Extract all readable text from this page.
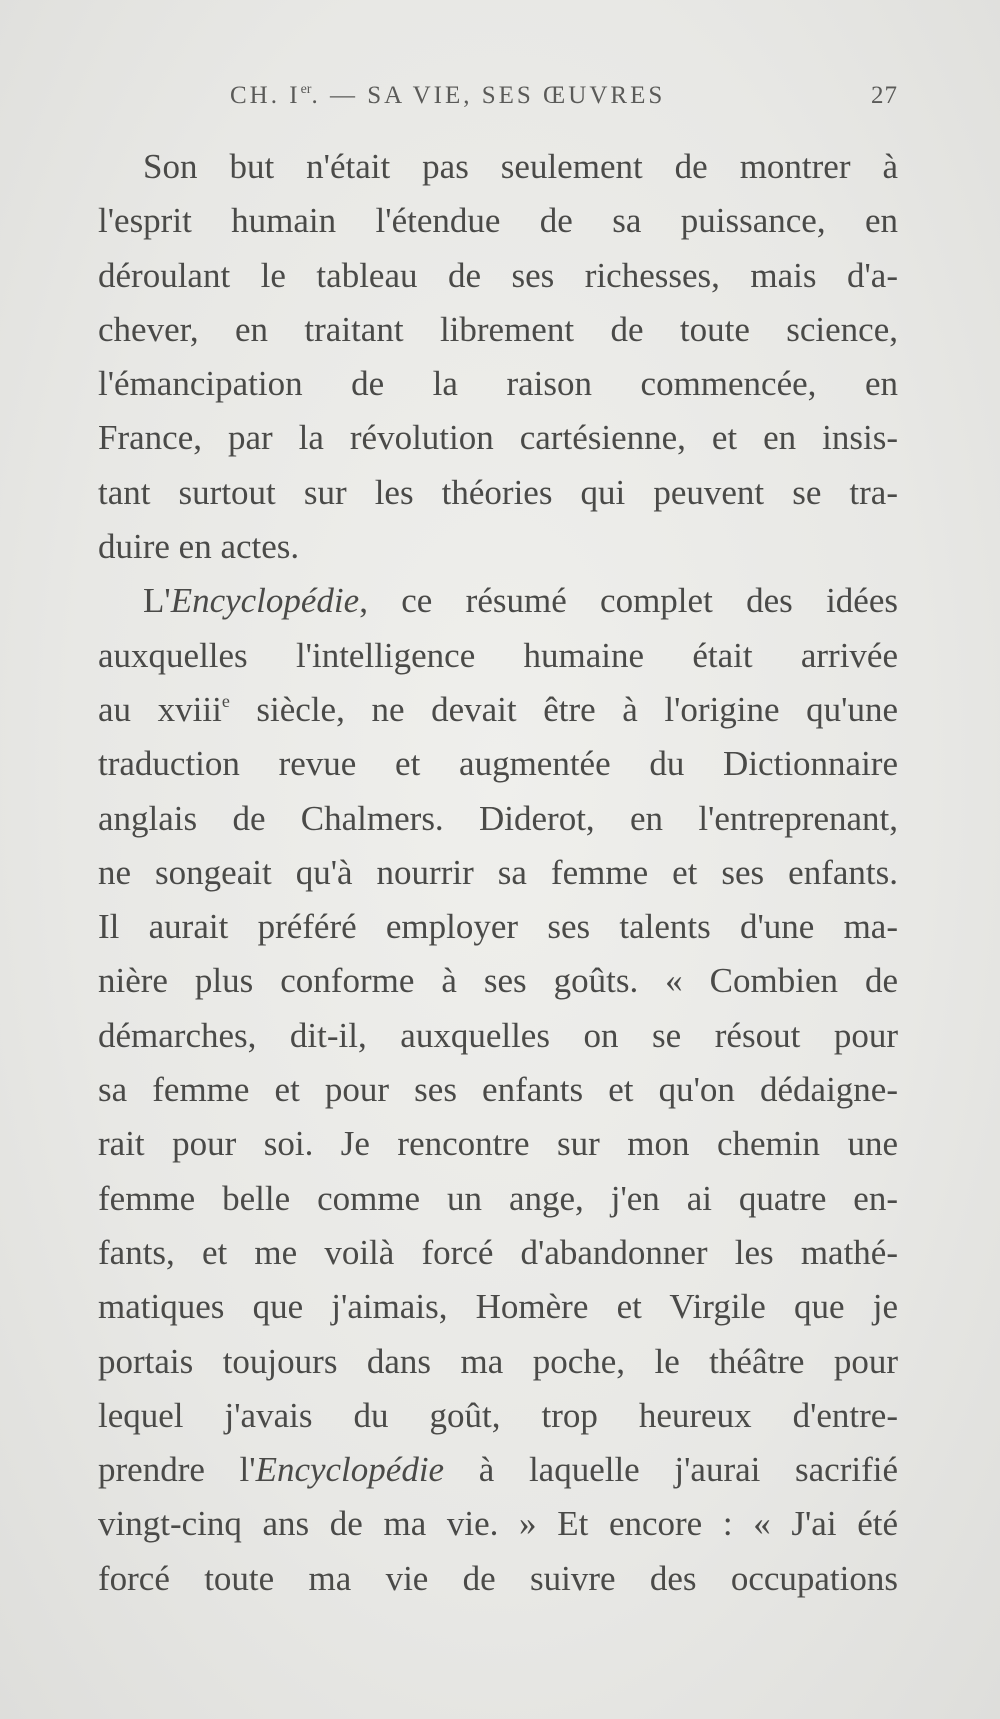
CH. Ier. — SA VIE, SES ŒUVRES	27
Son but n'était pas seulement de montrer à
l'esprit humain l'étendue de sa puissance, en
déroulant le tableau de ses richesses, mais d'a-
chever, en traitant librement de toute science,
l'émancipation de la raison commencée, en
France, par la révolution cartésienne, et en insis-
tant surtout sur les théories qui peuvent se tra-
duire en actes.
L'Encyclopédie, ce résumé complet des idées
auxquelles l'intelligence humaine était arrivée
au xviii$^e$ siècle, ne devait être à l'origine qu'une
traduction revue et augmentée du Dictionnaire
anglais de Chalmers. Diderot, en l'entreprenant,
ne songeait qu'à nourrir sa femme et ses enfants.
Il aurait préféré employer ses talents d'une ma-
nière plus conforme à ses goûts. « Combien de
démarches, dit-il, auxquelles on se résout pour
sa femme et pour ses enfants et qu'on dédaigne-
rait pour soi. Je rencontre sur mon chemin une
femme belle comme un ange, j'en ai quatre en-
fants, et me voilà forcé d'abandonner les mathé-
matiques que j'aimais, Homère et Virgile que je
portais toujours dans ma poche, le théâtre pour
lequel j'avais du goût, trop heureux d'entre-
prendre l'Encyclopédie à laquelle j'aurai sacrifié
vingt-cinq ans de ma vie. » Et encore : « J'ai été
forcé toute ma vie de suivre des occupations
